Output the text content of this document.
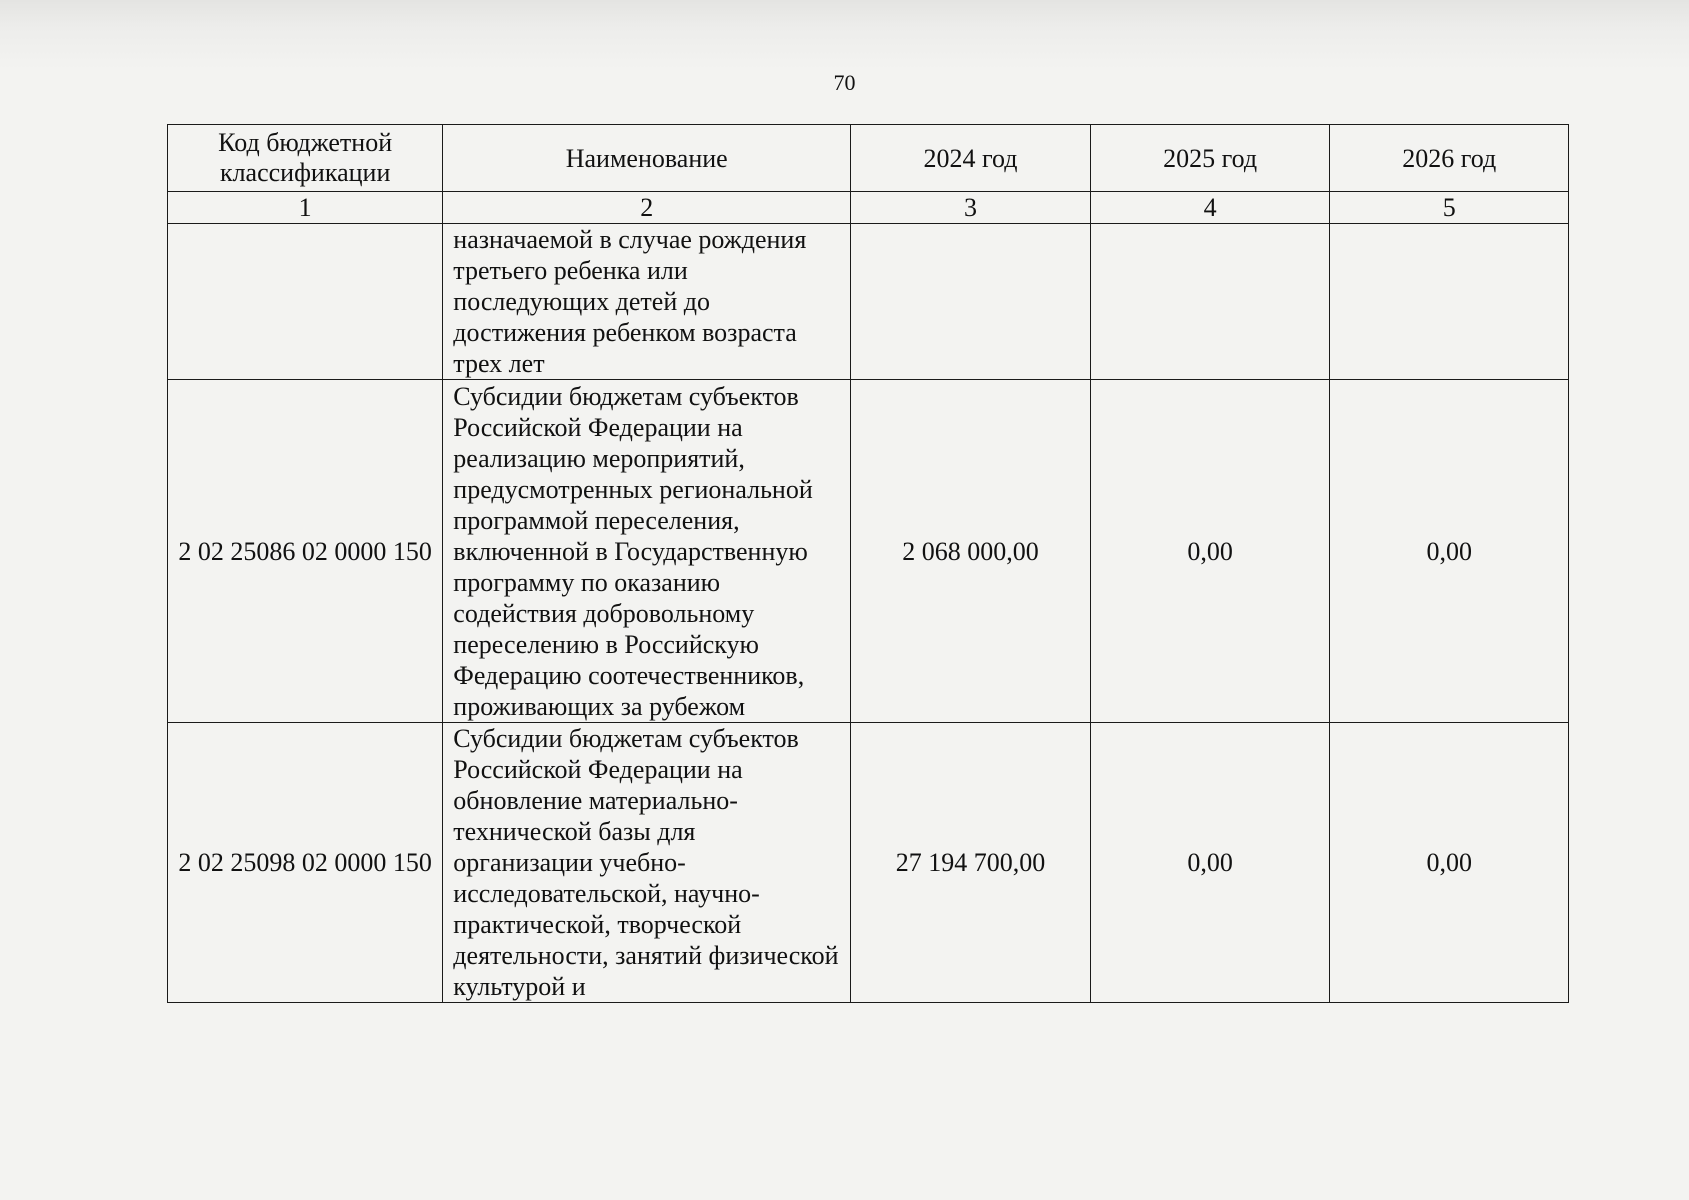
70
Код бюджетной классификации	Наименование	2024 год	2025 год	2026 год
1	2	3	4	5
	назначаемой в случае рождения третьего ребенка или последующих детей до достижения ребенком возраста трех лет			
2 02 25086 02 0000 150	Субсидии бюджетам субъектов Российской Федерации на реализацию мероприятий, предусмотренных региональной программой переселения, включенной в Государственную программу по оказанию содействия добровольному переселению в Российскую Федерацию соотечественников, проживающих за рубежом	2 068 000,00	0,00	0,00
2 02 25098 02 0000 150	Субсидии бюджетам субъектов Российской Федерации на обновление материально-технической базы для организации учебно-исследовательской, научно-практической, творческой деятельности, занятий физической культурой и	27 194 700,00	0,00	0,00
